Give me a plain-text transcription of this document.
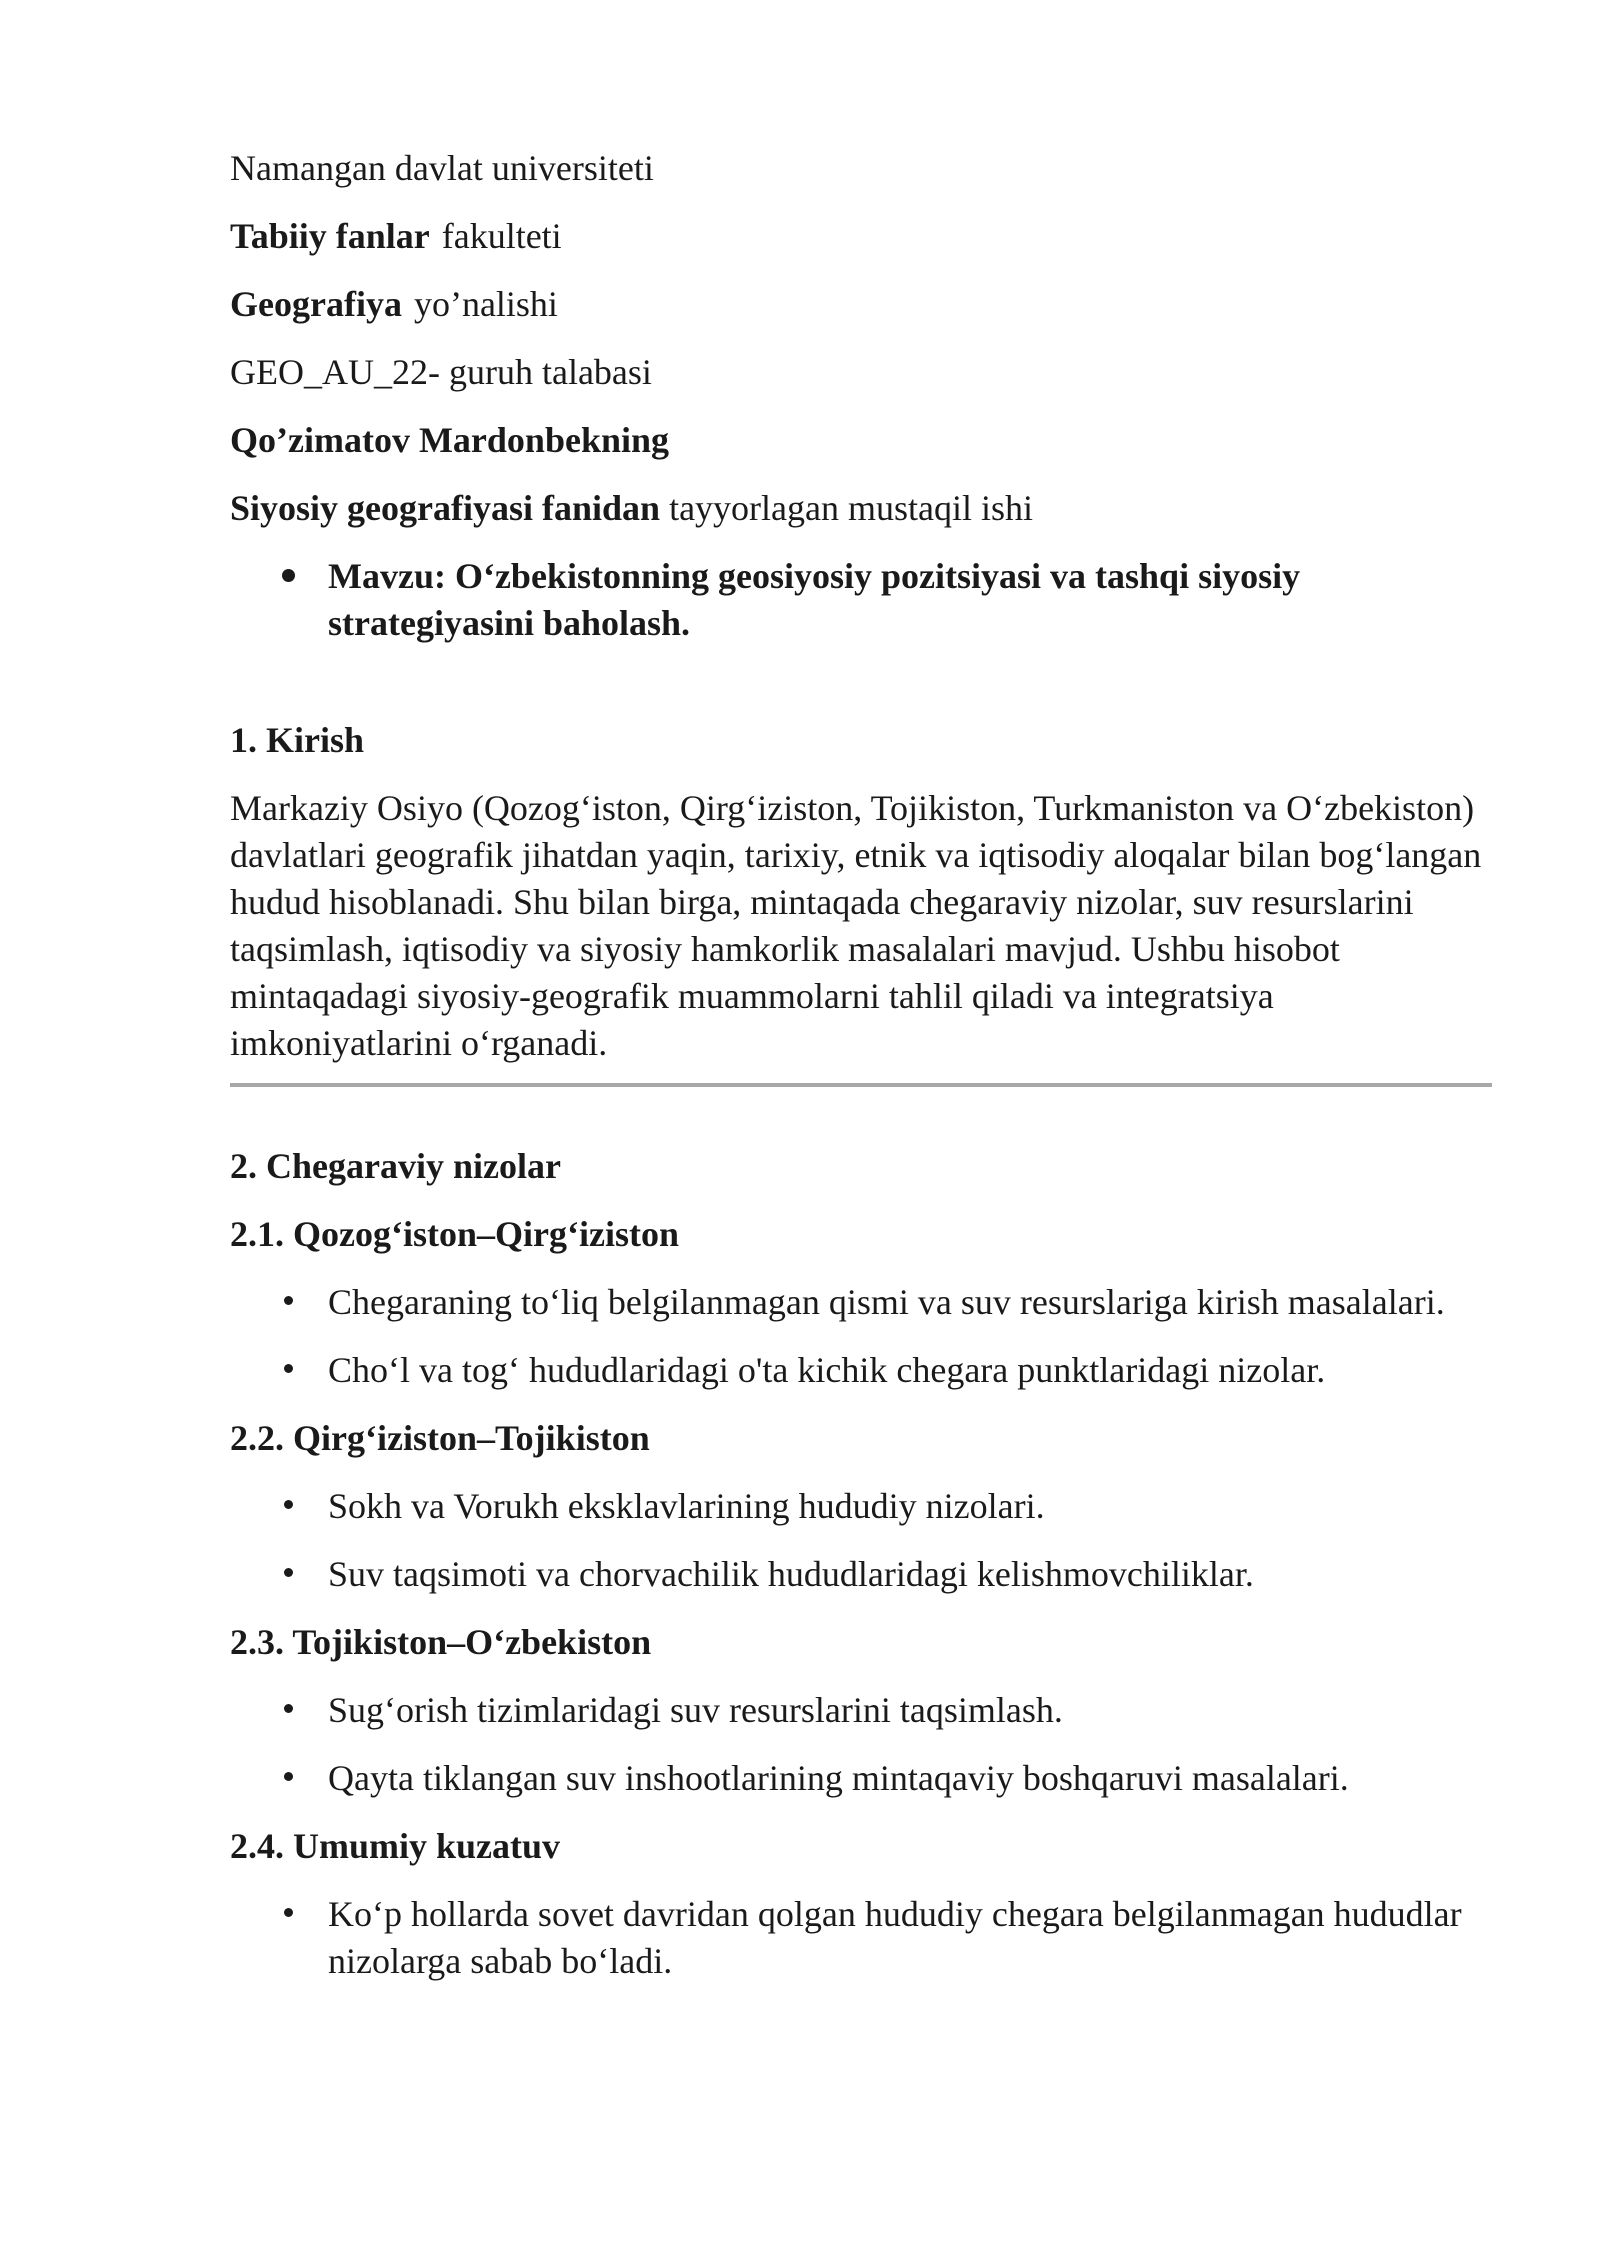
Namangan davlat universiteti
Tabiiy fanlar fakulteti
Geografiya yo’nalishi
GEO_AU_22- guruh talabasi
Qo’zimatov Mardonbekning
Siyosiy geografiyasi fanidan tayyorlagan mustaqil ishi
Mavzu: O‘zbekistonning geosiyosiy pozitsiyasi va tashqi siyosiy strategiyasini baholash.
1. Kirish

Markaziy Osiyo (Qozog‘iston, Qirg‘iziston, Tojikiston, Turkmaniston va O‘zbekiston) davlatlari geografik jihatdan yaqin, tarixiy, etnik va iqtisodiy aloqalar bilan bog‘langan hudud hisoblanadi. Shu bilan birga, mintaqada chegaraviy nizolar, suv resurslarini taqsimlash, iqtisodiy va siyosiy hamkorlik masalalari mavjud. Ushbu hisobot mintaqadagi siyosiy-geografik muammolarni tahlil qiladi va integratsiya imkoniyatlarini o‘rganadi.

2. Chegaraviy nizolar
2.1. Qozog‘iston–Qirg‘iziston
Chegaraning to‘liq belgilanmagan qismi va suv resurslariga kirish masalalari.
Cho‘l va tog‘ hududlaridagi o'ta kichik chegara punktlaridagi nizolar.
2.2. Qirg‘iziston–Tojikiston
Sokh va Vorukh eksklavlarining hududiy nizolari.
Suv taqsimoti va chorvachilik hududlaridagi kelishmovchiliklar.
2.3. Tojikiston–O‘zbekiston
Sug‘orish tizimlaridagi suv resurslarini taqsimlash.
Qayta tiklangan suv inshootlarining mintaqaviy boshqaruvi masalalari.
2.4. Umumiy kuzatuv
Ko‘p hollarda sovet davridan qolgan hududiy chegara belgilanmagan hududlar nizolarga sabab bo‘ladi.
